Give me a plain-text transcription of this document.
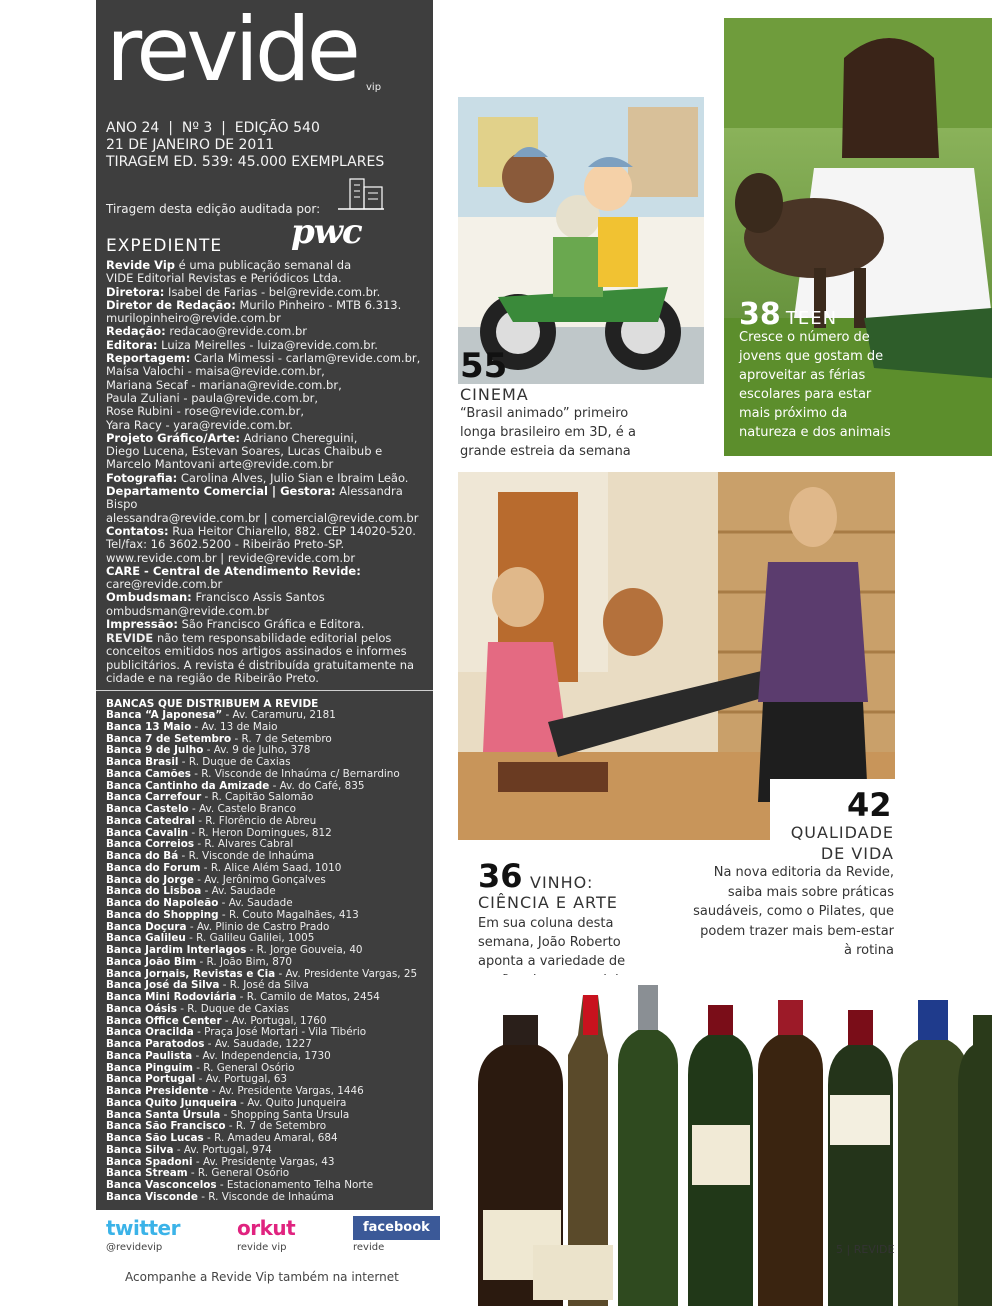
revide vip
ANO 24  |  Nº 3  |  EDIÇÃO 540
21 DE JANEIRO DE 2011
TIRAGEM ED. 539: 45.000 EXEMPLARES
Tiragem desta edição auditada por:
pwc
EXPEDIENTE
Revide Vip é uma publicação semanal da
VIDE Editorial Revistas e Periódicos Ltda.
Diretora: Isabel de Farias - bel@revide.com.br.
Diretor de Redação: Murilo Pinheiro - MTB 6.313.
murilopinheiro@revide.com.br
Redação: redacao@revide.com.br
Editora: Luiza Meirelles - luiza@revide.com.br.
Reportagem: Carla Mimessi - carlam@revide.com.br,
Maísa Valochi - maisa@revide.com.br,
Mariana Secaf - mariana@revide.com.br,
Paula Zuliani - paula@revide.com.br,
Rose Rubini - rose@revide.com.br,
Yara Racy - yara@revide.com.br.
Projeto Gráfico/Arte: Adriano Chereguini,
Diego Lucena, Estevan Soares, Lucas Chaibub e
Marcelo Mantovani arte@revide.com.br
Fotografia: Carolina Alves, Julio Sian e Ibraim Leão.
Departamento Comercial | Gestora: Alessandra Bispo
alessandra@revide.com.br | comercial@revide.com.br
Contatos: Rua Heitor Chiarello, 882. CEP 14020-520.
Tel/fax: 16 3602.5200 - Ribeirão Preto-SP.
www.revide.com.br | revide@revide.com.br
CARE - Central de Atendimento Revide:
care@revide.com.br
Ombudsman: Francisco Assis Santos
ombudsman@revide.com.br
Impressão: São Francisco Gráfica e Editora.
REVIDE não tem responsabilidade editorial pelos conceitos emitidos nos artigos assinados e informes publicitários. A revista é distribuída gratuitamente na cidade e na região de Ribeirão Preto.
BANCAS QUE DISTRIBUEM A REVIDE
Banca “A Japonesa” - Av. Caramuru, 2181
Banca 13 Maio - Av. 13 de Maio
Banca 7 de Setembro - R. 7 de Setembro
Banca 9 de Julho - Av. 9 de Julho, 378
Banca Brasil - R. Duque de Caxias
Banca Camões - R. Visconde de Inhaúma c/ Bernardino
Banca Cantinho da Amizade - Av. do Café, 835
Banca Carrefour - R. Capitão Salomão
Banca Castelo - Av. Castelo Branco
Banca Catedral - R. Florêncio de Abreu
Banca Cavalin - R. Heron Domingues, 812
Banca Correios - R. Alvares Cabral
Banca do Bá - R. Visconde de Inhaúma
Banca do Forum - R. Alice Além Saad, 1010
Banca do Jorge - Av. Jerônimo Gonçalves
Banca do Lisboa - Av. Saudade
Banca do Napoleão - Av. Saudade
Banca do Shopping - R. Couto Magalhães, 413
Banca Doçura - Av. Plinio de Castro Prado
Banca Galileu - R. Galileu Galilei, 1005
Banca Jardim Interlagos - R. Jorge Gouveia, 40
Banca João Bim - R. João Bim, 870
Banca Jornais, Revistas e Cia - Av. Presidente Vargas, 25
Banca José da Silva - R. José da Silva
Banca Mini Rodoviária - R. Camilo de Matos, 2454
Banca Oásis - R. Duque de Caxias
Banca Office Center - Av. Portugal, 1760
Banca Oracilda - Praça José Mortari - Vila Tibério
Banca Paratodos - Av. Saudade, 1227
Banca Paulista - Av. Independencia, 1730
Banca Pinguim - R. General Osório
Banca Portugal - Av. Portugal, 63
Banca Presidente - Av. Presidente Vargas, 1446
Banca Quito Junqueira - Av. Quito Junqueira
Banca Santa Úrsula - Shopping Santa Úrsula
Banca São Francisco - R. 7 de Setembro
Banca São Lucas - R. Amadeu Amaral, 684
Banca Silva - Av. Portugal, 974
Banca Spadoni - Av. Presidente Vargas, 43
Banca Stream - R. General Osório
Banca Vasconcelos - Estacionamento Telha Norte
Banca Visconde - R. Visconde de Inhaúma
twitter
@revidevip
orkut
revide vip
facebook
revide
Acompanhe a Revide Vip também na internet
55
CINEMA
“Brasil animado” primeiro longa brasileiro em 3D, é a grande estreia da semana
38 TEEN
Cresce o número de jovens que gostam de aproveitar as férias escolares para estar mais próximo da natureza e dos animais
42
QUALIDADE
DE VIDA
Na nova editoria da Revide, saiba mais sobre práticas saudáveis, como o Pilates, que podem trazer mais bem-estar à rotina
36 VINHO:
CIÊNCIA E ARTE
Em sua coluna desta semana, João Roberto aponta a variedade de
5 | REVIDE
